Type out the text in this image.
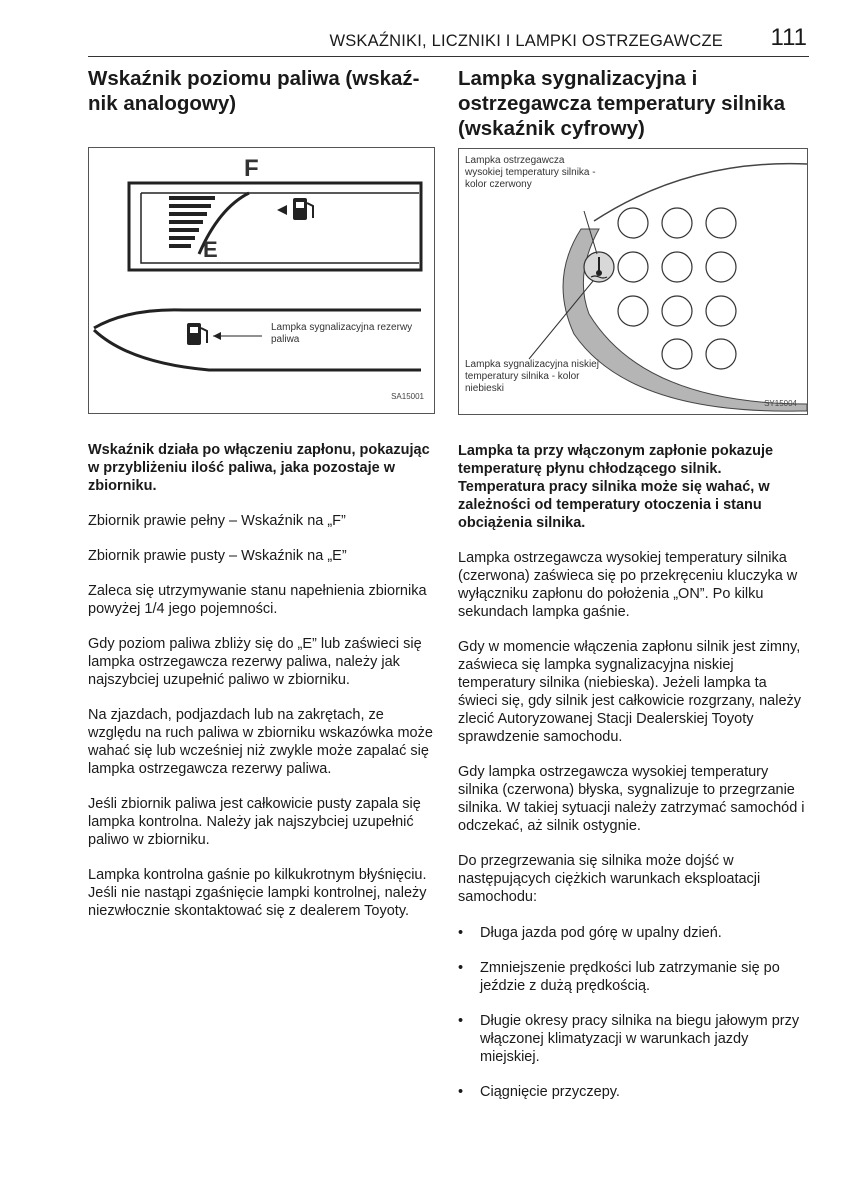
WSKAŹNIKI, LICZNIKI I LAMPKI OSTRZEGAWCZE 111
Wskaźnik poziomu paliwa (wskaź-nik analogowy)
F
E
Lampka sygnalizacyjna rezerwy paliwa
SA15001

Wskaźnik działa po włączeniu zapłonu, pokazując w przybliżeniu ilość paliwa, jaka pozostaje w zbiorniku.

Zbiornik prawie pełny – Wskaźnik na „F”

Zbiornik prawie pusty – Wskaźnik na „E”

Zaleca się utrzymywanie stanu napełnienia zbiornika powyżej 1/4 jego pojemności.

Gdy poziom paliwa zbliży się do „E” lub zaświeci się lampka ostrzegawcza rezerwy paliwa, należy jak najszybciej uzupełnić paliwo w zbiorniku.

Na zjazdach, podjazdach lub na zakrętach, ze względu na ruch paliwa w zbiorniku wskazówka może wahać się lub wcześniej niż zwykle może zapalać się lampka ostrzegawcza rezerwy paliwa.

Jeśli zbiornik paliwa jest całkowicie pusty zapala się lampka kontrolna. Należy jak najszybciej uzupełnić paliwo w zbiorniku.

Lampka kontrolna gaśnie po kilkukrotnym błyśnięciu. Jeśli nie nastąpi zgaśnięcie lampki kontrolnej, należy niezwłocznie skontaktować się z dealerem Toyoty.

Lampka sygnalizacyjna i ostrzegawcza temperatury silnika (wskaźnik cyfrowy)
Lampka ostrzegawcza wysokiej temperatury silnika - kolor czerwony
Lampka sygnalizacyjna niskiej temperatury silnika - kolor niebieski
SY15004

Lampka ta przy włączonym zapłonie pokazuje temperaturę płynu chłodzącego silnik. Temperatura pracy silnika może się wahać, w zależności od temperatury otoczenia i stanu obciążenia silnika.

Lampka ostrzegawcza wysokiej temperatury silnika (czerwona) zaświeca się po przekręceniu kluczyka w wyłączniku zapłonu do położenia „ON”. Po kilku sekundach lampka gaśnie.

Gdy w momencie włączenia zapłonu silnik jest zimny, zaświeca się lampka sygnalizacyjna niskiej temperatury silnika (niebieska). Jeżeli lampka ta świeci się, gdy silnik jest całkowicie rozgrzany, należy zlecić Autoryzowanej Stacji Dealerskiej Toyoty sprawdzenie samochodu.

Gdy lampka ostrzegawcza wysokiej temperatury silnika (czerwona) błyska, sygnalizuje to przegrzanie silnika. W takiej sytuacji należy zatrzymać samochód i odczekać, aż silnik ostygnie.

Do przegrzewania się silnika może dojść w następujących ciężkich warunkach eksploatacji samochodu:

• Długa jazda pod górę w upalny dzień.
• Zmniejszenie prędkości lub zatrzymanie się po jeździe z dużą prędkością.
• Długie okresy pracy silnika na biegu jałowym przy włączonej klimatyzacji w warunkach jazdy miejskiej.
• Ciągnięcie przyczepy.
